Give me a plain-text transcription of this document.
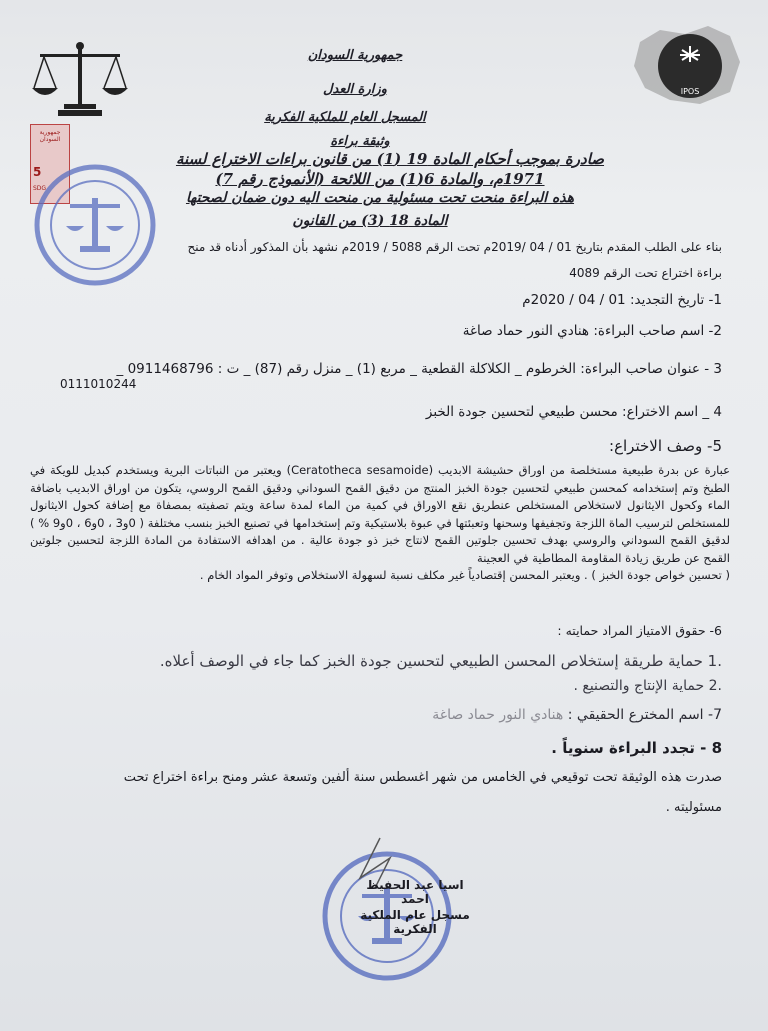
IPOS
جمهورية السودان
5
SDG
جمهورية السودان
وزارة العدل
المسجل العام للملكية الفكرية
وثيقة براءة
صادرة بموجب أحكام المادة 19 (1) من قانون براءات الاختراع لسنة
1971م، والمادة 6(1) من اللائحة (الأنموذج رقم 7)
هذه البراءة منحت تحت مسئولية من منحت اليه دون ضمان لصحتها
المادة 18 (3) من القانون
بناء على الطلب المقدم بتاريخ 01 / 04 /2019م تحت الرقم 5088 / 2019م نشهد بأن المذكور أدناه قد منح
براءة اختراع تحت الرقم 4089
1- تاريخ التجديد: 01 / 04 / 2020م
2- اسم صاحب البراءة: هنادي النور حماد صاغة
3 - عنوان صاحب البراءة: الخرطوم _ الكلاكلة القطعية _ مربع (1) _ منزل رقم (87) _ ت : 0911468796 _
0111010244
4 _ اسم الاختراع: محسن طبيعي لتحسين جودة الخبز
5- وصف الاختراع:

عبارة عن بدرة طبيعية مستخلصة من اوراق حشيشة الابديب (Ceratotheca sesamoide) ويعتبر من النباتات البرية ويستخدم كبديل للويكة في الطبخ وتم إستخدامه كمحسن طبيعي لتحسين جودة الخبز المنتج من دقيق القمح السوداني ودقيق القمح الروسي، يتكون من اوراق الابديب باضافة الماء وكحول الايثانول لاستخلاص المستخلص عنطريق نقع الاوراق في كمية من الماء لمدة ساعة ويتم تصفيته بمصفاة مع إضافة كحول الايثانول للمستخلص لترسيب الماة اللزجة وتجفيفها وسحنها وتعبئتها في عبوة بلاستيكية وتم إستخدامها في تصنيع الخبز بنسب مختلفة ( 0و3 ، 0و6 ، 0و9 % ) لدقيق القمح السوداني والروسي بهدف تحسين جلوتين القمح لانتاج خبز ذو جودة عالية . من اهدافه الاستفادة من المادة اللزجة لتحسين جلوتين القمح عن طريق زيادة المقاومة المطاطية في العجينة

( تحسين خواص جودة الخبز ) . ويعتبر المحسن إقتصادياً غير مكلف نسبة لسهولة الاستخلاص وتوفر المواد الخام .

6- حقوق الامتياز المراد حمايته :
.1 حماية طريقة إستخلاص المحسن الطبيعي لتحسين جودة الخبز كما جاء في الوصف أعلاه.
.2 حماية الإنتاج والتصنيع .
7- اسم المخترع الحقيقي : هنادي النور حماد صاغة
8 - تجدد البراءة سنوياً .
صدرت هذه الوثيقة تحت توقيعي في الخامس من شهر اغسطس سنة ألفين وتسعة عشر ومنح براءة اختراع تحت
مسئوليته .
اسيا عبد الحفيظ احمد
مسجل عام الملكية الفكرية
